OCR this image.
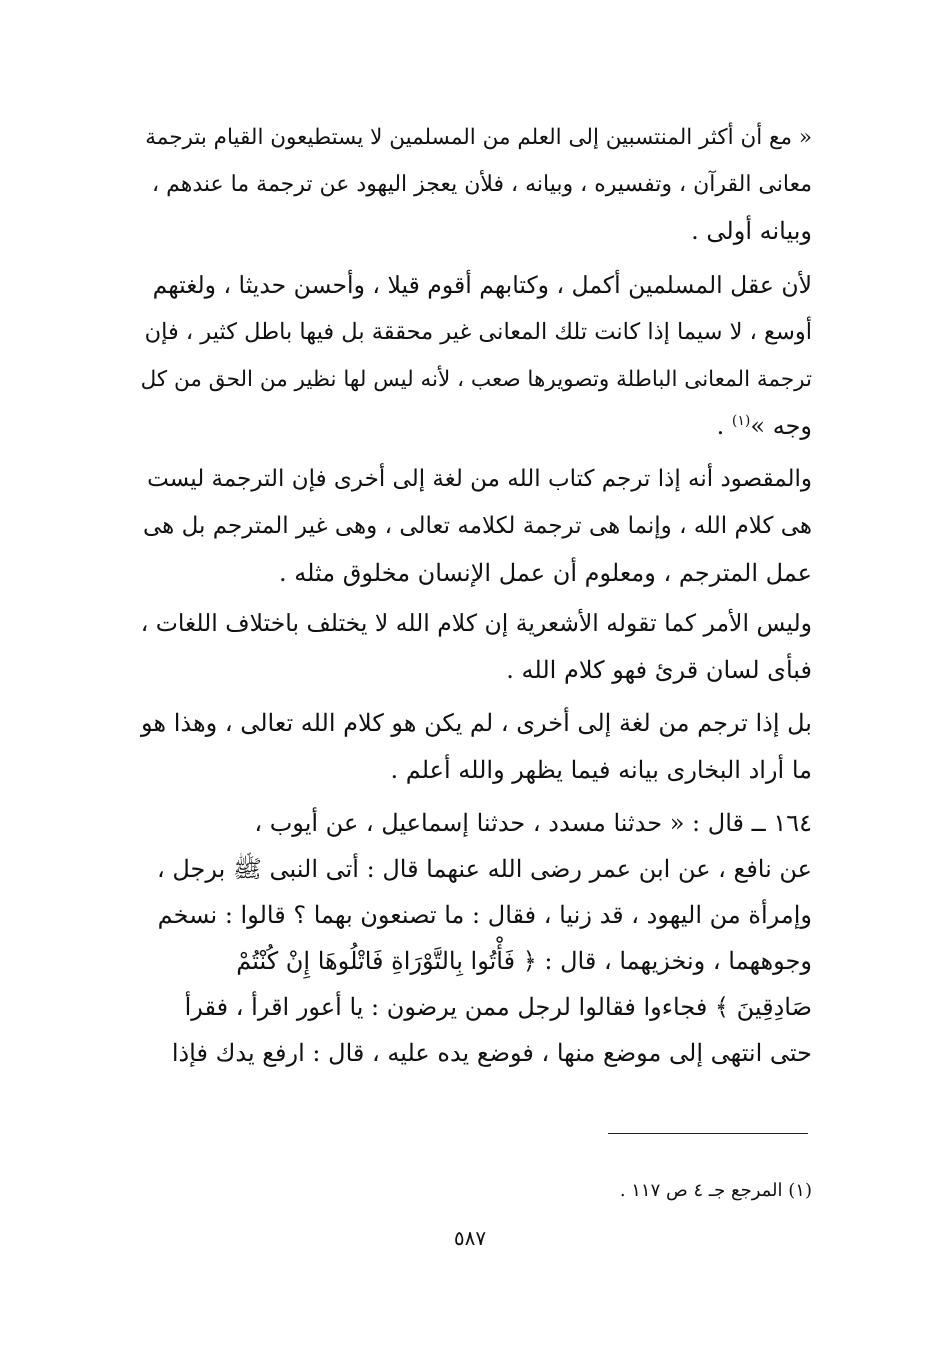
« مع أن أكثر المنتسبين إلى العلم من المسلمين لا يستطيعون القيام بترجمة
معانى القرآن ، وتفسيره ، وبيانه ، فلأن يعجز اليهود عن ترجمة ما عندهم ،
وبيانه أولى .
لأن عقل المسلمين أكمل ، وكتابهم أقوم قيلا ، وأحسن حديثا ، ولغتهم
أوسع ، لا سيما إذا كانت تلك المعانى غير محققة بل فيها باطل كثير ، فإن
ترجمة المعانى الباطلة وتصويرها صعب ، لأنه ليس لها نظير من الحق من كل
وجه »$^{(١)}$ .
والمقصود أنه إذا ترجم كتاب الله من لغة إلى أخرى فإن الترجمة ليست
هى كلام الله ، وإنما هى ترجمة لكلامه تعالى ، وهى غير المترجم بل هى
عمل المترجم ، ومعلوم أن عمل الإنسان مخلوق مثله .
وليس الأمر كما تقوله الأشعرية إن كلام الله لا يختلف باختلاف اللغات ،
فبأى لسان قرئ فهو كلام الله .
بل إذا ترجم من لغة إلى أخرى ، لم يكن هو كلام الله تعالى ، وهذا هو
ما أراد البخارى بيانه فيما يظهر والله أعلم .
١٦٤ ــ قال : « حدثنا مسدد ، حدثنا إسماعيل ، عن أيوب ،
عن نافع ، عن ابن عمر رضى الله عنهما قال : أتى النبى ﷺ برجل ،
وإمرأة من اليهود ، قد زنيا ، فقال : ما تصنعون بهما ؟ قالوا : نسخم
وجوههما ، ونخزيهما ، قال : ﴿ فَأْتُوا بِالتَّوْرَاةِ فَاتْلُوهَا إِنْ كُنْتُمْ
صَادِقِينَ ﴾ فجاءوا فقالوا لرجل ممن يرضون : يا أعور اقرأ ، فقرأ
حتى انتهى إلى موضع منها ، فوضع يده عليه ، قال : ارفع يدك فإذا
(١) المرجع جـ ٤ ص ١١٧ .
٥٨٧
